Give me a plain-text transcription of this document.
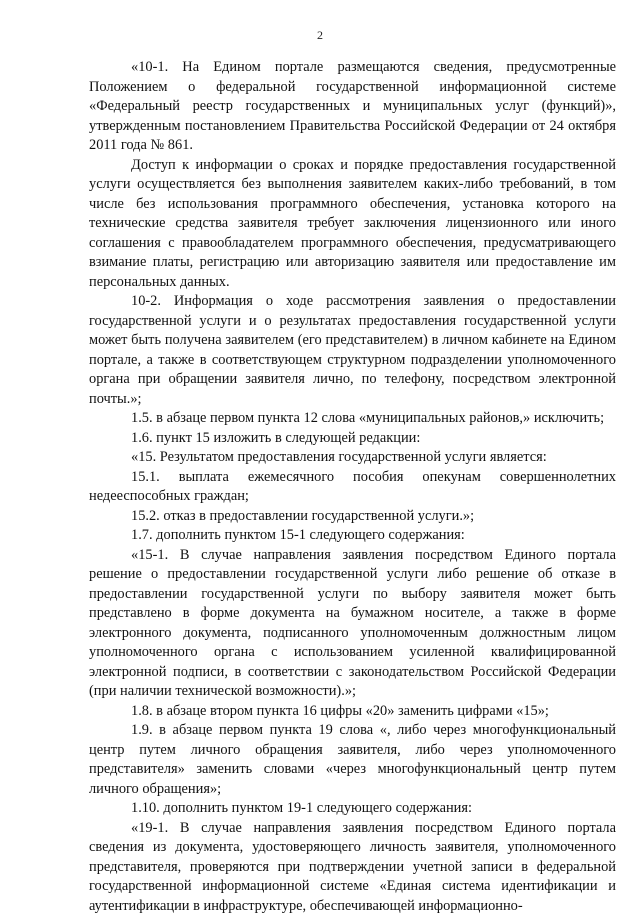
2

«10-1. На Едином портале размещаются сведения, предусмотренные Положением о федеральной государственной информационной системе «Федеральный реестр государственных и муниципальных услуг (функций)», утвержденным постановлением Правительства Российской Федерации от 24 октября 2011 года № 861.

Доступ к информации о сроках и порядке предоставления государственной услуги осуществляется без выполнения заявителем каких-либо требований, в том числе без использования программного обеспечения, установка которого на технические средства заявителя требует заключения лицензионного или иного соглашения с правообладателем программного обеспечения, предусматривающего взимание платы, регистрацию или авторизацию заявителя или предоставление им персональных данных.

10-2. Информация о ходе рассмотрения заявления о предоставлении государственной услуги и о результатах предоставления государственной услуги может быть получена заявителем (его представителем) в личном кабинете на Едином портале, а также в соответствующем структурном подразделении уполномоченного органа при обращении заявителя лично, по телефону, посредством электронной почты.»;

1.5. в абзаце первом пункта 12 слова «муниципальных районов,» исключить;

1.6. пункт 15 изложить в следующей редакции:

«15. Результатом предоставления государственной услуги является:

15.1. выплата ежемесячного пособия опекунам совершеннолетних недееспособных граждан;

15.2. отказ в предоставлении государственной услуги.»;

1.7. дополнить пунктом 15-1 следующего содержания:

«15-1. В случае направления заявления посредством Единого портала решение о предоставлении государственной услуги либо решение об отказе в предоставлении государственной услуги по выбору заявителя может быть представлено в форме документа на бумажном носителе, а также в форме электронного документа, подписанного уполномоченным должностным лицом уполномоченного органа с использованием усиленной квалифицированной электронной подписи, в соответствии с законодательством Российской Федерации (при наличии технической возможности).»;

1.8. в абзаце втором пункта 16 цифры «20» заменить цифрами «15»;

1.9. в абзаце первом пункта 19 слова «, либо через многофункциональный центр путем личного обращения заявителя, либо через уполномоченного представителя» заменить словами «через многофункциональный центр путем личного обращения»;

1.10. дополнить пунктом 19-1 следующего содержания:

«19-1. В случае направления заявления посредством Единого портала сведения из документа, удостоверяющего личность заявителя, уполномоченного представителя, проверяются при подтверждении учетной записи в федеральной государственной информационной системе «Единая система идентификации и аутентификации в инфраструктуре, обеспечивающей информационно-
